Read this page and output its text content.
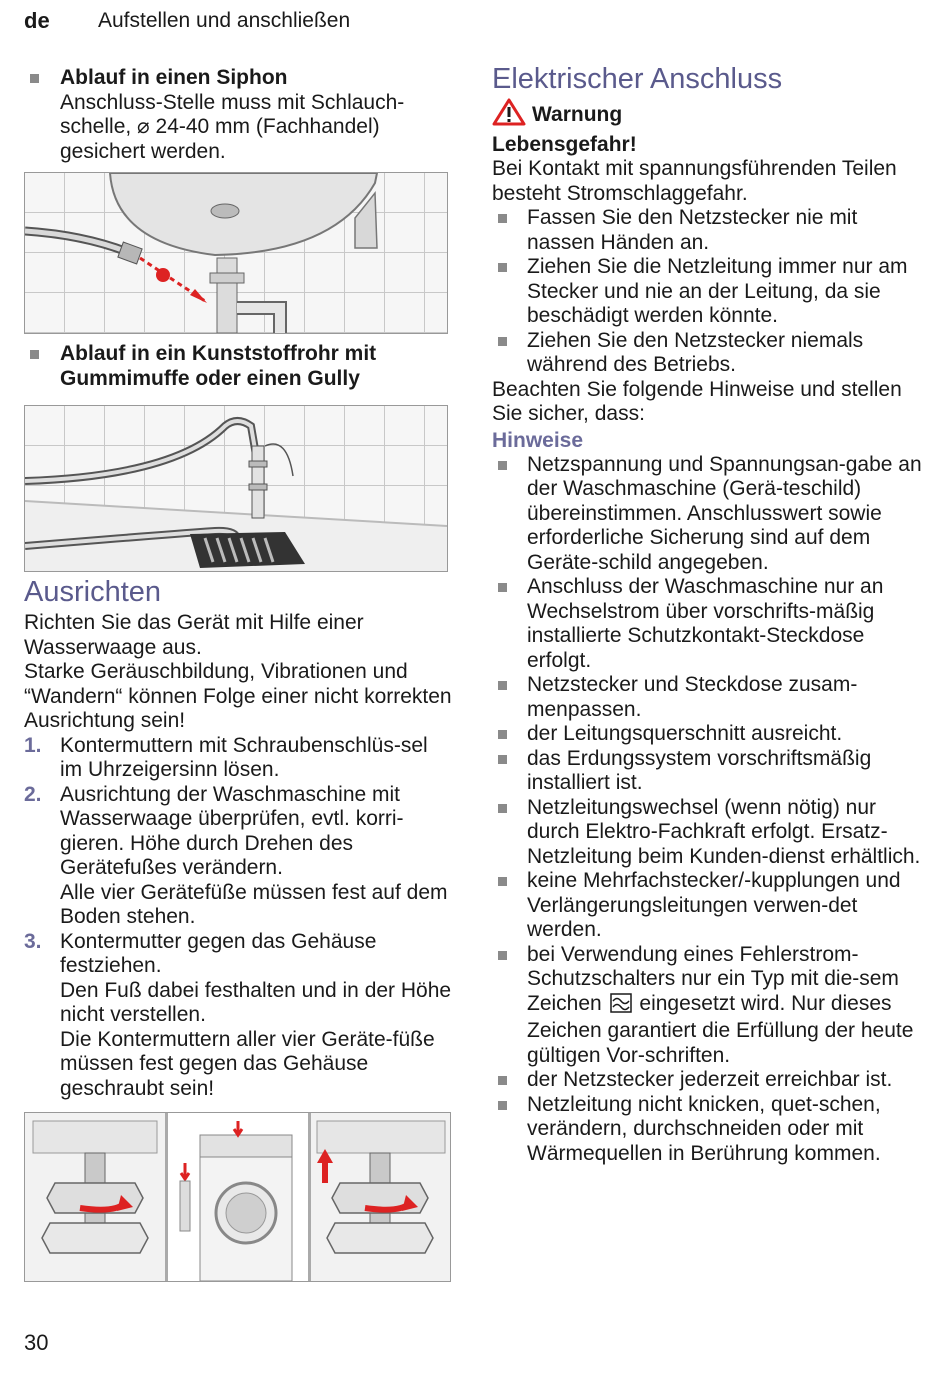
de Aufstellen und anschließen
Ablauf in einen Siphon
Anschluss-Stelle muss mit Schlauch-schelle, ⌀ 24-40 mm (Fachhandel) gesichert werden.
Ablauf in ein Kunststoffrohr mit Gummimuffe oder einen Gully
Ausrichten
Richten Sie das Gerät mit Hilfe einer Wasserwaage aus.
Starke Geräuschbildung, Vibrationen und “Wandern“ können Folge einer nicht korrekten Ausrichtung sein!
1. Kontermuttern mit Schraubenschlüs-sel im Uhrzeigersinn lösen.
2. Ausrichtung der Waschmaschine mit Wasserwaage überprüfen, evtl. korri-gieren. Höhe durch Drehen des Gerätefußes verändern.
Alle vier Gerätefüße müssen fest auf dem Boden stehen.
3. Kontermutter gegen das Gehäuse festziehen.
Den Fuß dabei festhalten und in der Höhe nicht verstellen.
Die Kontermuttern aller vier Geräte-füße müssen fest gegen das Gehäuse geschraubt sein!
Elektrischer Anschluss
Warnung
Lebensgefahr!
Bei Kontakt mit spannungsführenden Teilen besteht Stromschlaggefahr.
Fassen Sie den Netzstecker nie mit nassen Händen an.
Ziehen Sie die Netzleitung immer nur am Stecker und nie an der Leitung, da sie beschädigt werden könnte.
Ziehen Sie den Netzstecker niemals während des Betriebs.
Beachten Sie folgende Hinweise und stellen Sie sicher, dass:
Hinweise
Netzspannung und Spannungsan-gabe an der Waschmaschine (Gerä-teschild) übereinstimmen. Anschlusswert sowie erforderliche Sicherung sind auf dem Geräte-schild angegeben.
Anschluss der Waschmaschine nur an Wechselstrom über vorschrifts-mäßig installierte Schutzkontakt-Steckdose erfolgt.
Netzstecker und Steckdose zusam-menpassen.
der Leitungsquerschnitt ausreicht.
das Erdungssystem vorschriftsmäßig installiert ist.
Netzleitungswechsel (wenn nötig) nur durch Elektro-Fachkraft erfolgt. Ersatz-Netzleitung beim Kunden-dienst erhältlich.
keine Mehrfachstecker/-kupplungen und Verlängerungsleitungen verwen-det werden.
bei Verwendung eines Fehlerstrom-Schutzschalters nur ein Typ mit die-sem Zeichen eingesetzt wird. Nur dieses Zeichen garantiert die Erfüllung der heute gültigen Vor-schriften.
der Netzstecker jederzeit erreichbar ist.
Netzleitung nicht knicken, quet-schen, verändern, durchschneiden oder mit Wärmequellen in Berührung kommen.
30
